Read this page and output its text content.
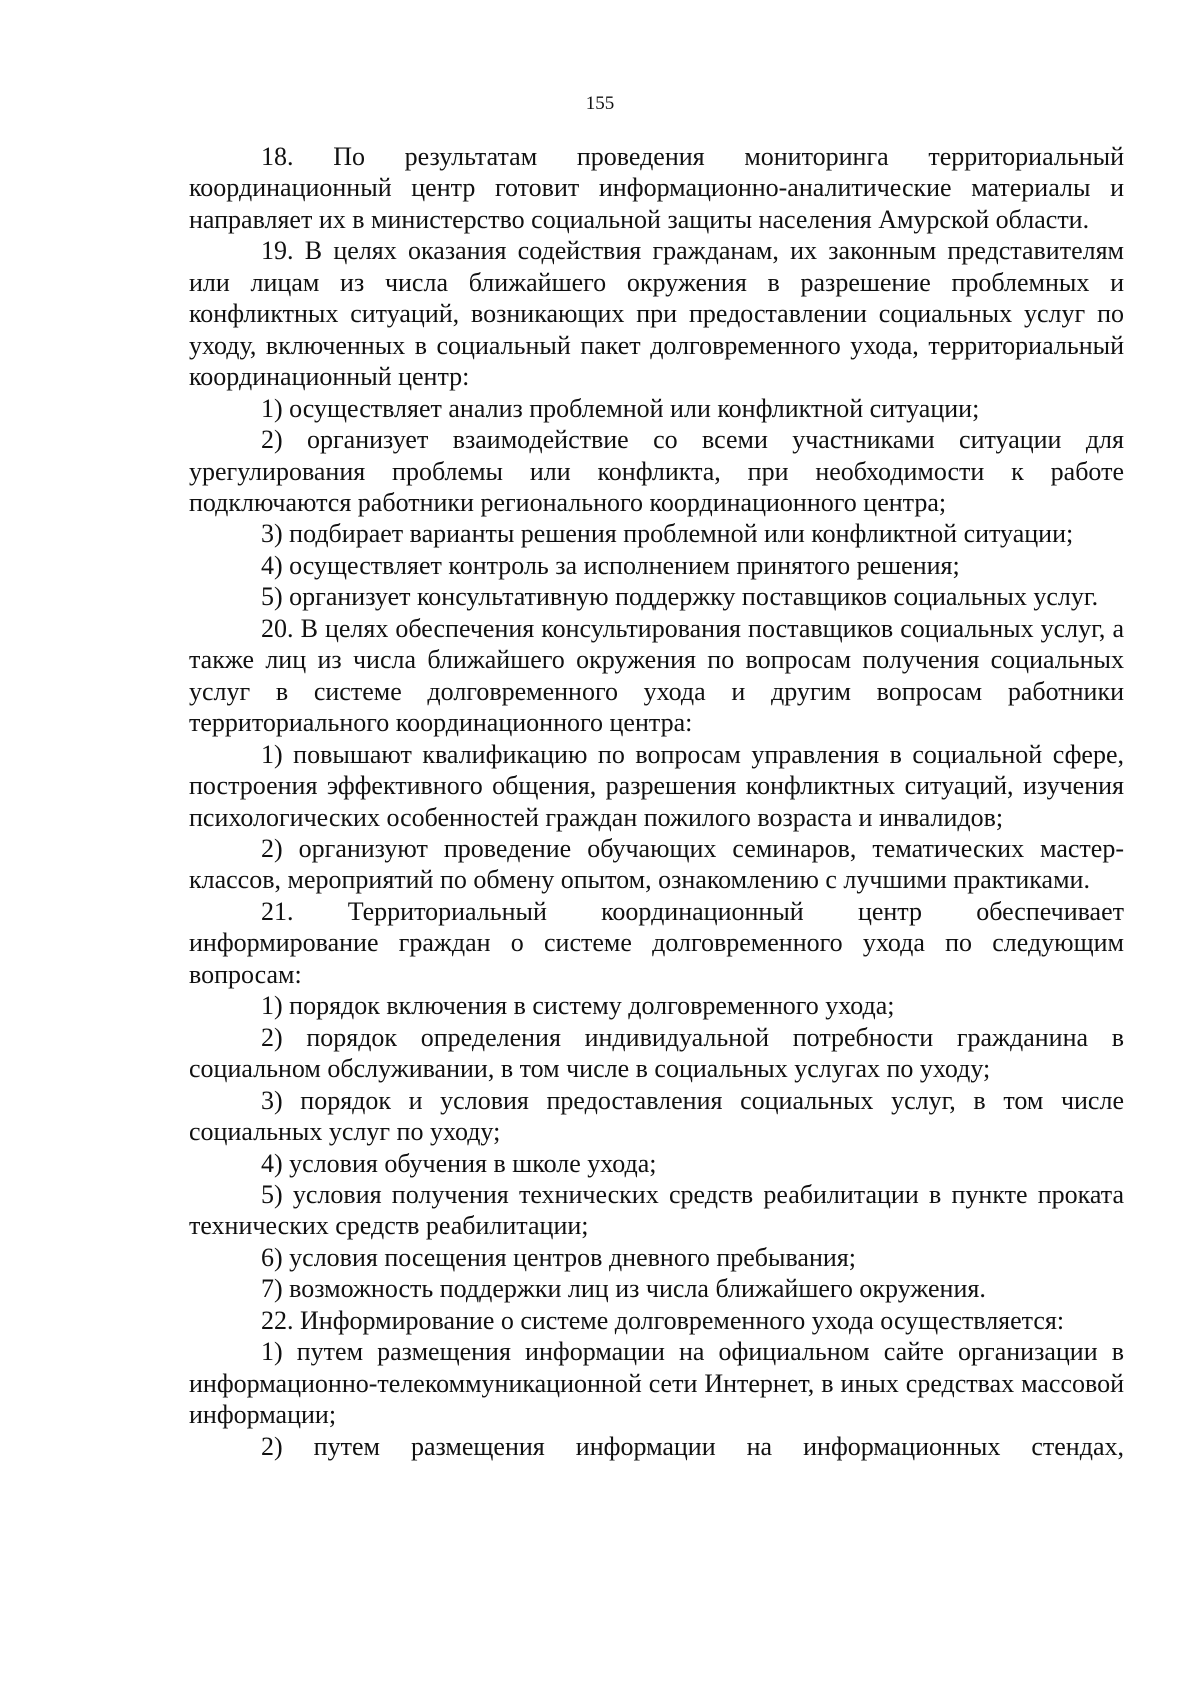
155

18. По результатам проведения мониторинга территориальный координационный центр готовит информационно-аналитические материалы и направляет их в министерство социальной защиты населения Амурской области.

19. В целях оказания содействия гражданам, их законным представителям или лицам из числа ближайшего окружения в разрешение проблемных и конфликтных ситуаций, возникающих при предоставлении социальных услуг по уходу, включенных в социальный пакет долговременного ухода, территориальный координационный центр:

1) осуществляет анализ проблемной или конфликтной ситуации;

2) организует взаимодействие со всеми участниками ситуации для урегулирования проблемы или конфликта, при необходимости к работе подключаются работники регионального координационного центра;

3) подбирает варианты решения проблемной или конфликтной ситуации;

4) осуществляет контроль за исполнением принятого решения;

5) организует консультативную поддержку поставщиков социальных услуг.

20. В целях обеспечения консультирования поставщиков социальных услуг, а также лиц из числа ближайшего окружения по вопросам получения социальных услуг в системе долговременного ухода и другим вопросам работники территориального координационного центра:

1) повышают квалификацию по вопросам управления в социальной сфере, построения эффективного общения, разрешения конфликтных ситуаций, изучения психологических особенностей граждан пожилого возраста и инвалидов;

2) организуют проведение обучающих семинаров, тематических мастер-классов, мероприятий по обмену опытом, ознакомлению с лучшими практиками.

21. Территориальный координационный центр обеспечивает информирование граждан о системе долговременного ухода по следующим вопросам:

1) порядок включения в систему долговременного ухода;

2) порядок определения индивидуальной потребности гражданина в социальном обслуживании, в том числе в социальных услугах по уходу;

3) порядок и условия предоставления социальных услуг, в том числе социальных услуг по уходу;

4) условия обучения в школе ухода;

5) условия получения технических средств реабилитации в пункте проката технических средств реабилитации;

6) условия посещения центров дневного пребывания;

7) возможность поддержки лиц из числа ближайшего окружения.

22. Информирование о системе долговременного ухода осуществляется:

1) путем размещения информации на официальном сайте организации в информационно-телекоммуникационной сети Интернет, в иных средствах массовой информации;

2) путем размещения информации на информационных стендах,
